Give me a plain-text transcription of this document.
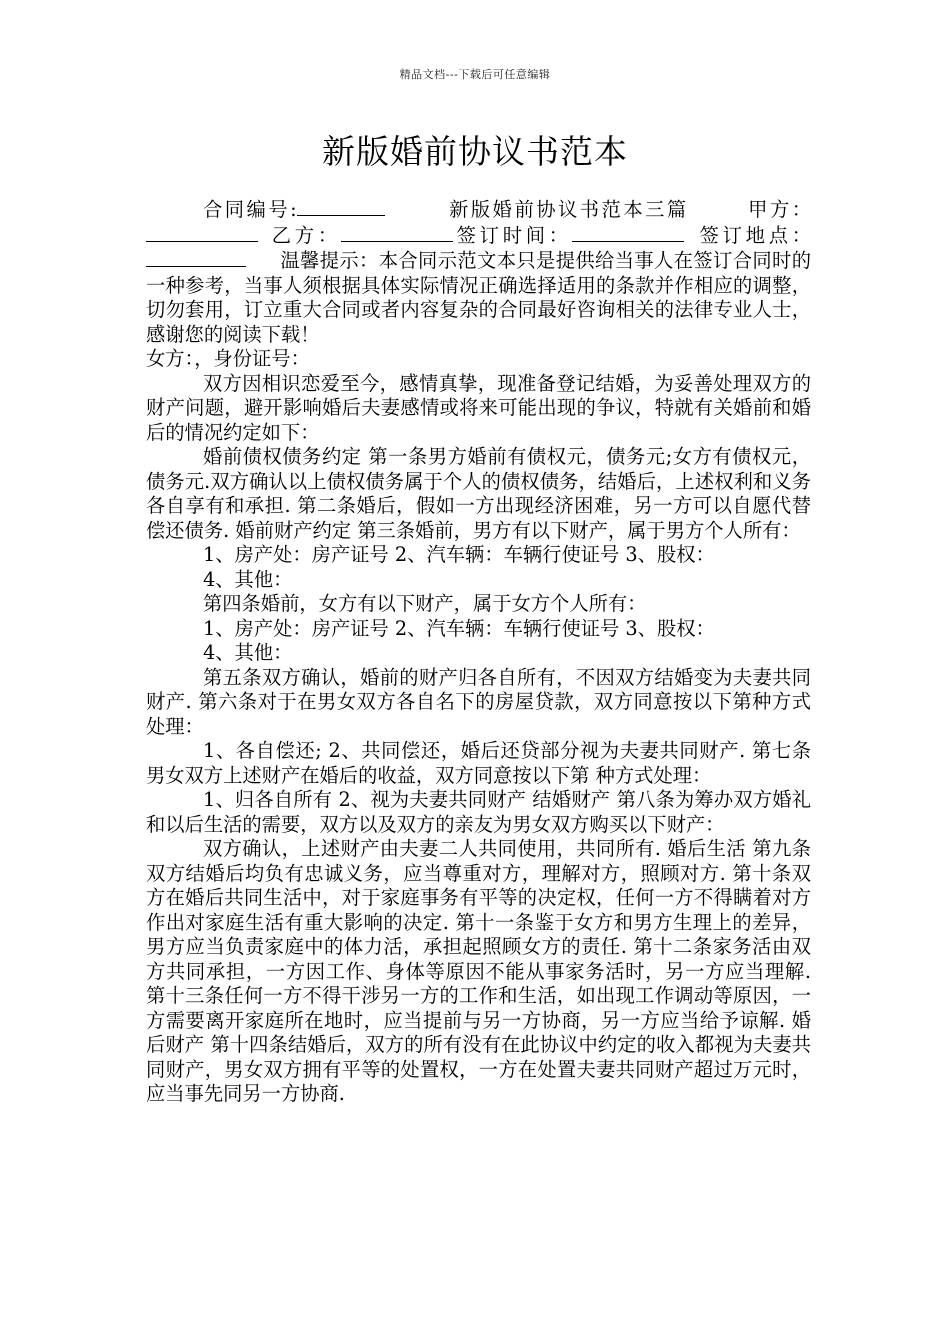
精品文档---下载后可任意编辑
新版婚前协议书范本

合同编号:	新版婚前协议书范本三篇	甲方：乙方：	签订时间：	签订地点：温馨提示：本合同示范文本只是提供给当事人在签订合同时的一种参考，当事人须根据具体实际情况正确选择适用的条款并作相应的调整，切勿套用，订立重大合同或者内容复杂的合同最好咨询相关的法律专业人士，感谢您的阅读下载！

女方：，身份证号：

双方因相识恋爱至今，感情真挚，现准备登记结婚，为妥善处理双方的财产问题，避开影响婚后夫妻感情或将来可能出现的争议，特就有关婚前和婚后的情况约定如下：

婚前债权债务约定 第一条男方婚前有债权元，债务元;女方有债权元，债务元.双方确认以上债权债务属于个人的债权债务，结婚后，上述权利和义务各自享有和承担. 第二条婚后，假如一方出现经济困难，另一方可以自愿代替偿还债务. 婚前财产约定 第三条婚前，男方有以下财产，属于男方个人所有：

1、房产处：房产证号 2、汽车辆：车辆行使证号 3、股权：

4、其他：

第四条婚前，女方有以下财产，属于女方个人所有：

1、房产处：房产证号 2、汽车辆：车辆行使证号 3、股权：

4、其他：

第五条双方确认，婚前的财产归各自所有，不因双方结婚变为夫妻共同财产. 第六条对于在男女双方各自名下的房屋贷款，双方同意按以下第种方式处理：

1、各自偿还; 2、共同偿还，婚后还贷部分视为夫妻共同财产. 第七条男女双方上述财产在婚后的收益，双方同意按以下第 种方式处理：

1、归各自所有 2、视为夫妻共同财产 结婚财产 第八条为筹办双方婚礼和以后生活的需要，双方以及双方的亲友为男女双方购买以下财产：

双方确认，上述财产由夫妻二人共同使用，共同所有. 婚后生活 第九条双方结婚后均负有忠诚义务，应当尊重对方，理解对方，照顾对方. 第十条双方在婚后共同生活中，对于家庭事务有平等的决定权，任何一方不得瞒着对方作出对家庭生活有重大影响的决定. 第十一条鉴于女方和男方生理上的差异，男方应当负责家庭中的体力活，承担起照顾女方的责任. 第十二条家务活由双方共同承担，一方因工作、身体等原因不能从事家务活时，另一方应当理解. 第十三条任何一方不得干涉另一方的工作和生活，如出现工作调动等原因，一方需要离开家庭所在地时，应当提前与另一方协商，另一方应当给予谅解. 婚后财产 第十四条结婚后，双方的所有没有在此协议中约定的收入都视为夫妻共同财产，男女双方拥有平等的处置权，一方在处置夫妻共同财产超过万元时，应当事先同另一方协商.
